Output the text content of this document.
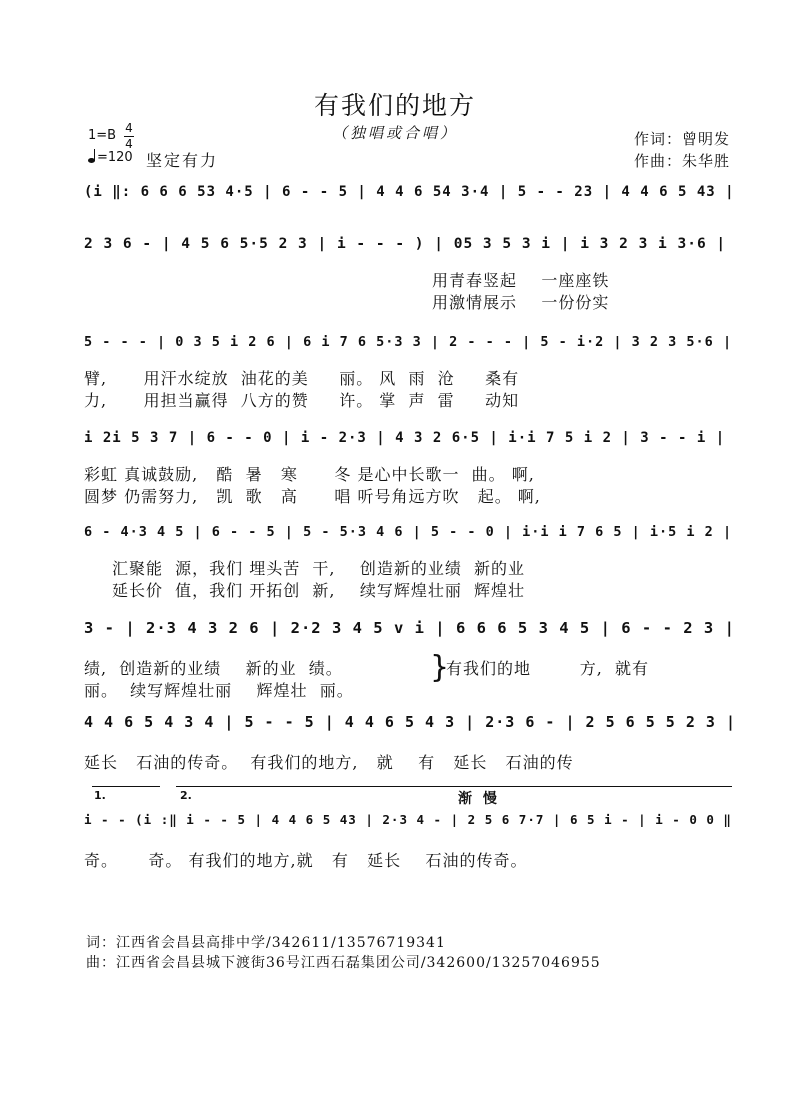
有我们的地方
（独唱或合唱）	作词：曾明发
作曲：朱华胜
1=B 4
4
=120 坚定有力
(i ‖: 6 6 6 53 4·5 | 6 - - 5 | 4 4 6 54 3·4 | 5 - - 23 | 4 4 6 5 43 |
2 3 6 - | 4 5 6 5·5 2 3 | i - - - ) | 05 3 5 3 i | i 3 2 3 i 3·6 |
用青春竖起    一座座铁
用激情展示    一份份实
5 - - - | 0 3 5 i 2 6 | 6 i 7 6 5·3 3 | 2 - - - | 5 - i·2 | 3 2 3 5·6 |
臂,      用汗水绽放  油花的美     丽。 风  雨  沧     桑有
力,      用担当赢得  八方的赞     许。 掌  声  雷     动知
i 2i 5 3 7 | 6 - - 0 | i - 2·3 | 4 3 2 6·5 | i·i 7 5 i 2 | 3 - - i |
彩虹 真诚鼓励,   酷  暑   寒      冬 是心中长歌一  曲。 啊,
圆梦 仍需努力,   凯  歌   高      唱 听号角远方吹   起。 啊,
6 - 4·3 4 5 | 6 - - 5 | 5 - 5·3 4 6 | 5 - - 0 | i·i i 7 6 5 | i·5 i 2 |
汇聚能  源，我们 埋头苦  干,    创造新的业绩  新的业
延长价  值，我们 开拓创  新,    续写辉煌壮丽  辉煌壮
3 - | 2·3 4 3 2 6 | 2·2 3 4 5 v i | 6 6 6 5 3 4 5 | 6 - - 2 3 |
绩,  创造新的业绩    新的业  绩。
丽。  续写辉煌壮丽    辉煌壮  丽。
}
有我们的地        方,  就有
4 4 6 5 4 3 4 | 5 - - 5 | 4 4 6 5 4 3 | 2·3 6 - | 2 5 6 5 5 2 3 |
延长   石油的传奇。  有我们的地方,   就    有   延长   石油的传
1.	2.	渐 慢
i - - (i :‖ i - - 5 | 4 4 6 5 43 | 2·3 4 - | 2 5 6 7·7 | 6 5 i - | i - 0 0 ‖
奇。     奇。 有我们的地方,就   有   延长    石油的传奇。
词：江西省会昌县高排中学/342611/13576719341
曲：江西省会昌县城下渡街36号江西石磊集团公司/342600/13257046955
